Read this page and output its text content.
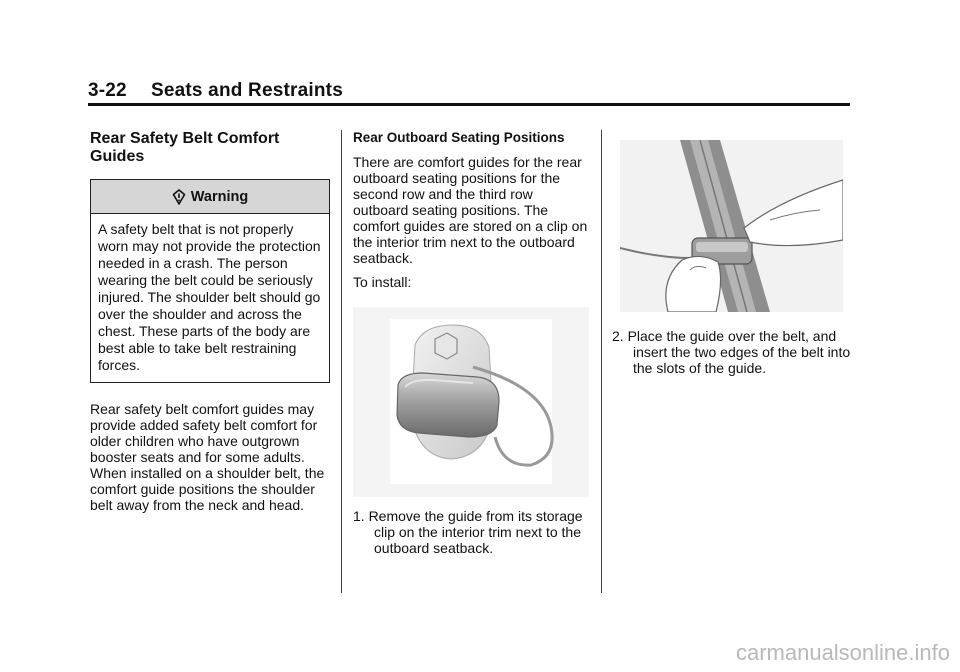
3-22 Seats and Restraints
Rear Safety Belt Comfort Guides
Warning
A safety belt that is not properly worn may not provide the protection needed in a crash. The person wearing the belt could be seriously injured. The shoulder belt should go over the shoulder and across the chest. These parts of the body are best able to take belt restraining forces.

Rear safety belt comfort guides may provide added safety belt comfort for older children who have outgrown booster seats and for some adults. When installed on a shoulder belt, the comfort guide positions the shoulder belt away from the neck and head.

Rear Outboard Seating Positions

There are comfort guides for the rear outboard seating positions for the second row and the third row outboard seating positions. The comfort guides are stored on a clip on the interior trim next to the outboard seatback.

To install:

1. Remove the guide from its storage clip on the interior trim next to the outboard seatback.

2. Place the guide over the belt, and insert the two edges of the belt into the slots of the guide.

carmanualsonline.info
